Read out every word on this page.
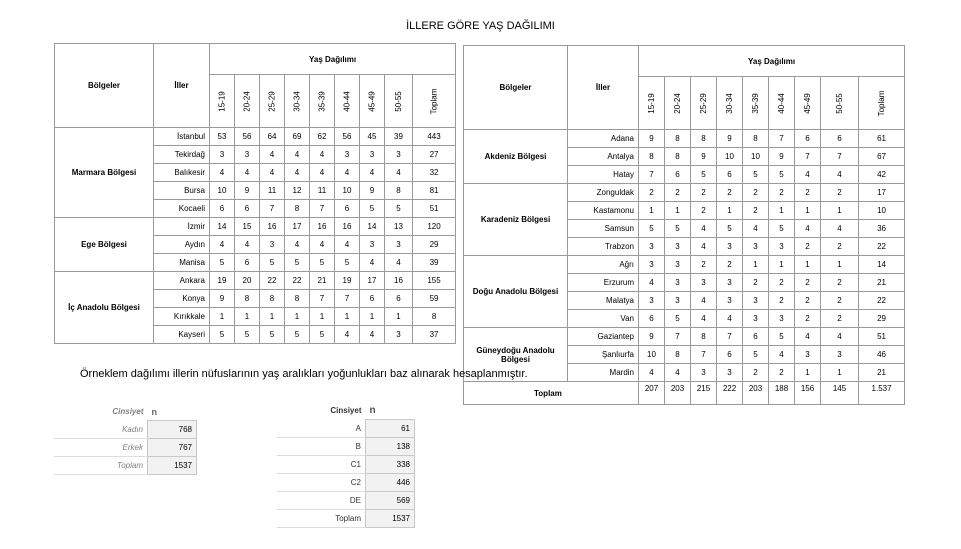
İLLERE GÖRE YAŞ DAĞILIMI
Bölgeler	İller	Yaş Dağılımı								

		15-19	20-24	25-29	30-34	35-39	40-44	45-49	50-55	Toplam

Marmara Bölgesi	İstanbul	53	56	64	69	62	56	45	39	443
	Tekirdağ	3	3	4	4	4	3	3	3	27
	Balıkesir	4	4	4	4	4	4	4	4	32
	Bursa	10	9	11	12	11	10	9	8	81
	Kocaeli	6	6	7	8	7	6	5	5	51
Ege Bölgesi	İzmir	14	15	16	17	16	16	14	13	120
	Aydın	4	4	3	4	4	4	3	3	29
	Manisa	5	6	5	5	5	5	4	4	39
İç Anadolu Bölgesi	Ankara	19	20	22	22	21	19	17	16	155
	Konya	9	8	8	8	7	7	6	6	59
	Kırıkkale	1	1	1	1	1	1	1	1	8
	Kayseri	5	5	5	5	5	4	4	3	37
Bölgeler	İller	Yaş Dağılımı								

		15-19	20-24	25-29	30-34	35-39	40-44	45-49	50-55	Toplam

Akdeniz Bölgesi	Adana	9	8	8	9	8	7	6	6	61
	Antalya	8	8	9	10	10	9	7	7	67
	Hatay	7	6	5	6	5	5	4	4	42
Karadeniz Bölgesi	Zonguldak	2	2	2	2	2	2	2	2	17
	Kastamonu	1	1	2	1	2	1	1	1	10
	Samsun	5	5	4	5	4	5	4	4	36
	Trabzon	3	3	4	3	3	3	2	2	22
Doğu Anadolu Bölgesi	Ağrı	3	3	2	2	1	1	1	1	14
	Erzurum	4	3	3	3	2	2	2	2	21
	Malatya	3	3	4	3	3	2	2	2	22
	Van	6	5	4	4	3	3	2	2	29
Güneydoğu Anadolu Bölgesi	Gaziantep	9	7	8	7	6	5	4	4	51
	Şanlıurfa	10	8	7	6	5	4	3	3	46
	Mardin	4	4	3	3	2	2	1	1	21
Toplam		207	203	215	222	203	188	156	145	1.537
Örneklem dağılımı illerin nüfuslarının yaş aralıkları yoğunlukları baz alınarak hesaplanmıştır.
Cinsiyet	n
Kadın	768
Erkek	767
Toplam	1537
Cinsiyet	n
A	61
B	138
C1	338
C2	446
DE	569
Toplam	1537
